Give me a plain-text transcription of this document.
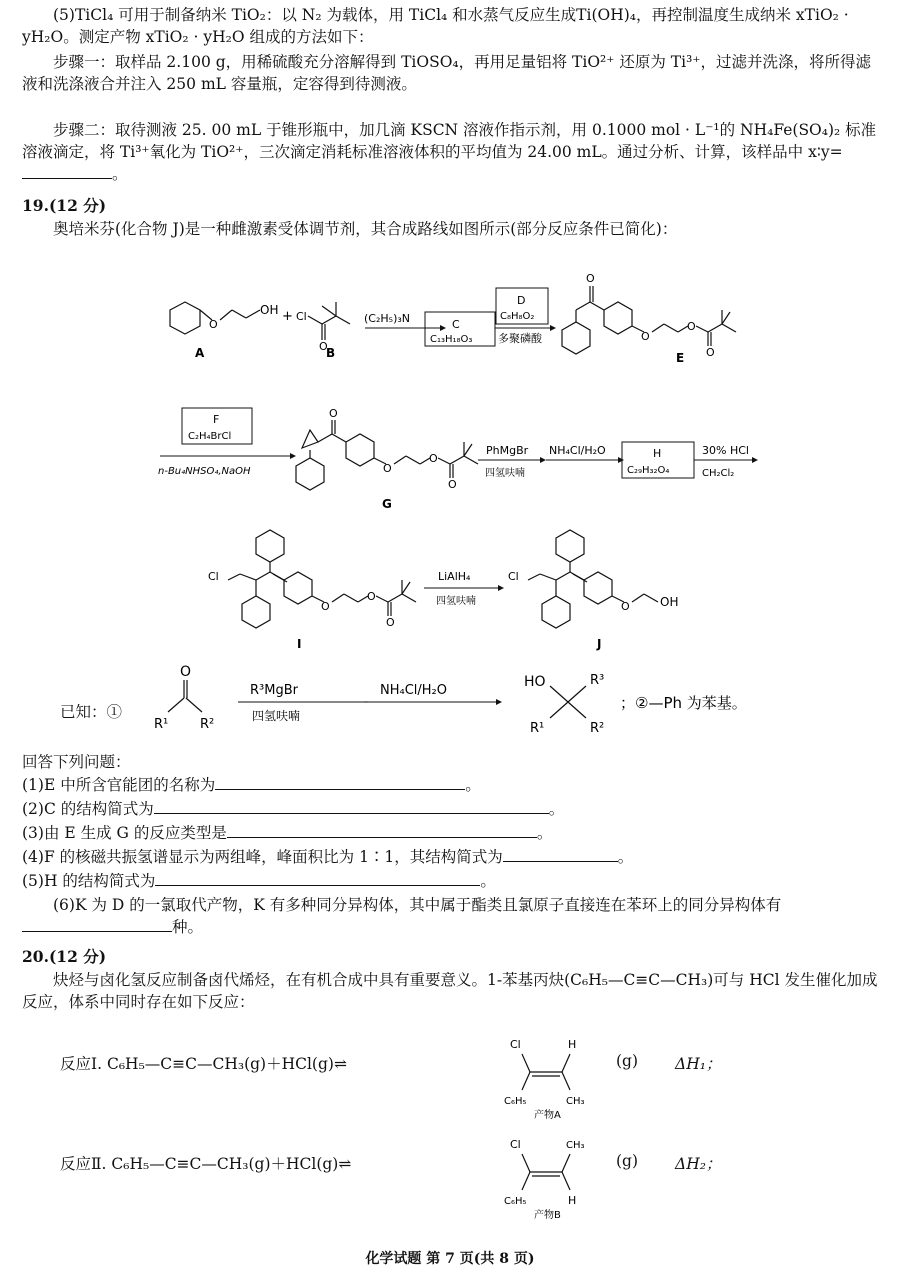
(5)TiCl₄ 可用于制备纳米 TiO₂：以 N₂ 为载体，用 TiCl₄ 和水蒸气反应生成Ti(OH)₄，再控制温度生成纳米 xTiO₂ · yH₂O。测定产物 xTiO₂ · yH₂O 组成的方法如下：

步骤一：取样品 2.100 g，用稀硫酸充分溶解得到 TiOSO₄，再用足量铝将 TiO²⁺ 还原为 Ti³⁺，过滤并洗涤，将所得滤液和洗涤液合并注入 250 mL 容量瓶，定容得到待测液。

步骤二：取待测液 25. 00 mL 于锥形瓶中，加几滴 KSCN 溶液作指示剂，用 0.1000 mol · L⁻¹的 NH₄Fe(SO₄)₂ 标准溶液滴定，将 Ti³⁺氧化为 TiO²⁺，三次滴定消耗标准溶液体积的平均值为 24.00 mL。通过分析、计算，该样品中 x∶y=。

19.(12 分)

奥培米芬(化合物 J)是一种雌激素受体调节剂，其合成路线如图所示(部分反应条件已简化)：

O
OH
A
+ Cl
O
B
(C₂H₅)₃N	C
C₁₃H₁₈O₃
D
C₈H₈O₂
多聚磷酸
O
O
O
O
E
F
C₂H₄BrCl
n-Bu₄NHSO₄,NaOH
O
O
O
O
G
PhMgBr
四氢呋喃
NH₄Cl/H₂O	H
C₂₉H₃₂O₄
30% HCl
CH₂Cl₂
Cl
O
O
O
I
LiAlH₄
四氢呋喃
Cl
O	OH
J
已知：①
O
R¹ R²
R³MgBr
四氢呋喃
NH₄Cl/H₂O
HO	R³
R¹	R²
；②—Ph 为苯基。

回答下列问题：

(1)E 中所含官能团的名称为	。

(2)C 的结构简式为	。

(3)由 E 生成 G 的反应类型是	。

(4)F 的核磁共振氢谱显示为两组峰，峰面积比为 1∶1，其结构简式为	。

(5)H 的结构简式为	。

(6)K 为 D 的一氯取代产物，K 有多种同分异构体，其中属于酯类且氯原子直接连在苯环上的同分异构体有种。

20.(12 分)

炔烃与卤化氢反应制备卤代烯烃，在有机合成中具有重要意义。1-苯基丙炔(C₆H₅—C≡C—CH₃)可与 HCl 发生催化加成反应，体系中同时存在如下反应：

反应Ⅰ. C₆H₅—C≡C—CH₃(g)＋HCl(g)⇌
Cl	H
C₆H₅	CH₃
产物A
(g) ΔH₁；
反应Ⅱ. C₆H₅—C≡C—CH₃(g)＋HCl(g)⇌
Cl	CH₃
C₆H₅	H
产物B
(g) ΔH₂；
化学试题 第 7 页(共 8 页)
